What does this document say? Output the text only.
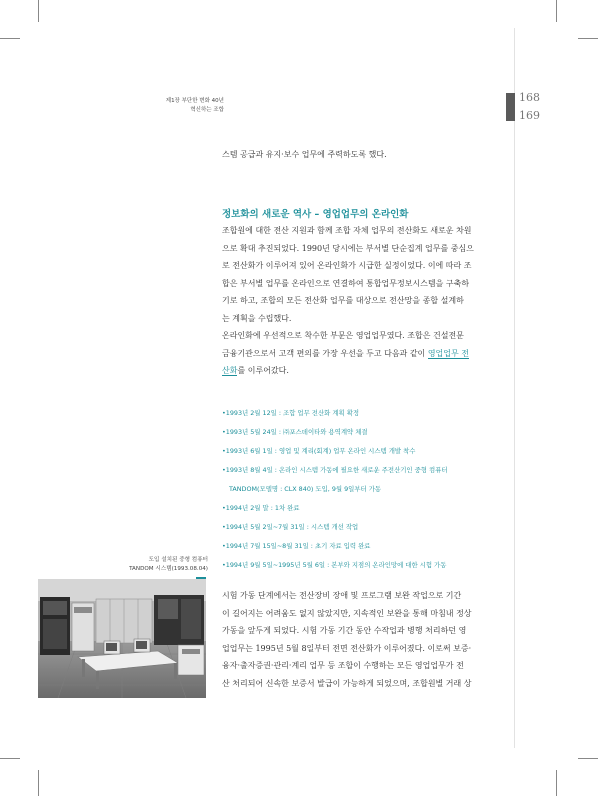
제1장 부단한 변화 40년
혁신하는 조합
168
169
스템 공급과 유지·보수 업무에 주력하도록 했다.
정보화의 새로운 역사 – 영업업무의 온라인화
조합원에 대한 전산 지원과 함께 조합 자체 업무의 전산화도 새로운 차원
으로 확대 추진되었다. 1990년 당시에는 부서별 단순집계 업무를 중심으
로 전산화가 이루어져 있어 온라인화가 시급한 실정이었다. 이에 따라 조
합은 부서별 업무를 온라인으로 연결하여 통합업무정보시스템을 구축하
기로 하고, 조합의 모든 전산화 업무를 대상으로 전산망을 종합 설계하
는 계획을 수립했다.
온라인화에 우선적으로 착수한 부문은 영업업무였다. 조합은 건설전문
금융기관으로서 고객 편의를 가장 우선을 두고 다음과 같이 영업업무 전
산화를 이루어갔다.
•1993년 2월 12일 : 조합 업무 전산화 계획 확정
•1993년 5월 24일 : ㈜포스데이타와 용역계약 체결
•1993년 6월 1일 : 영업 및 계리(회계) 업무 온라인 시스템 개발 착수
•1993년 8월 4일 : 온라인 시스템 가동에 필요한 새로운 주전산기인 중형 컴퓨터
TANDOM(모델명 : CLX 840) 도입, 9월 9일부터 가동
•1994년 2월 말 : 1차 완료
•1994년 5월 2일~7월 31일 : 시스템 개선 작업
•1994년 7월 15일~8월 31일 : 초기 자료 입력 완료
•1994년 9월 5일~1995년 5월 6일 : 본부와 지점의 온라인망에 대한 시험 가동
도입 설치된 중형 컴퓨터
TANDOM 시스템(1993.08.04)
시험 가동 단계에서는 전산장비 장애 및 프로그램 보완 작업으로 기간
이 길어지는 어려움도 없지 않았지만, 지속적인 보완을 통해 마침내 정상
가동을 앞두게 되었다. 시험 가동 기간 동안 수작업과 병행 처리하던 영
업업무는 1995년 5월 8일부터 전면 전산화가 이루어졌다. 이로써 보증·
융자·출자증권·관리·계리 업무 등 조합이 수행하는 모든 영업업무가 전
산 처리되어 신속한 보증서 발급이 가능하게 되었으며, 조합원별 거래 상
